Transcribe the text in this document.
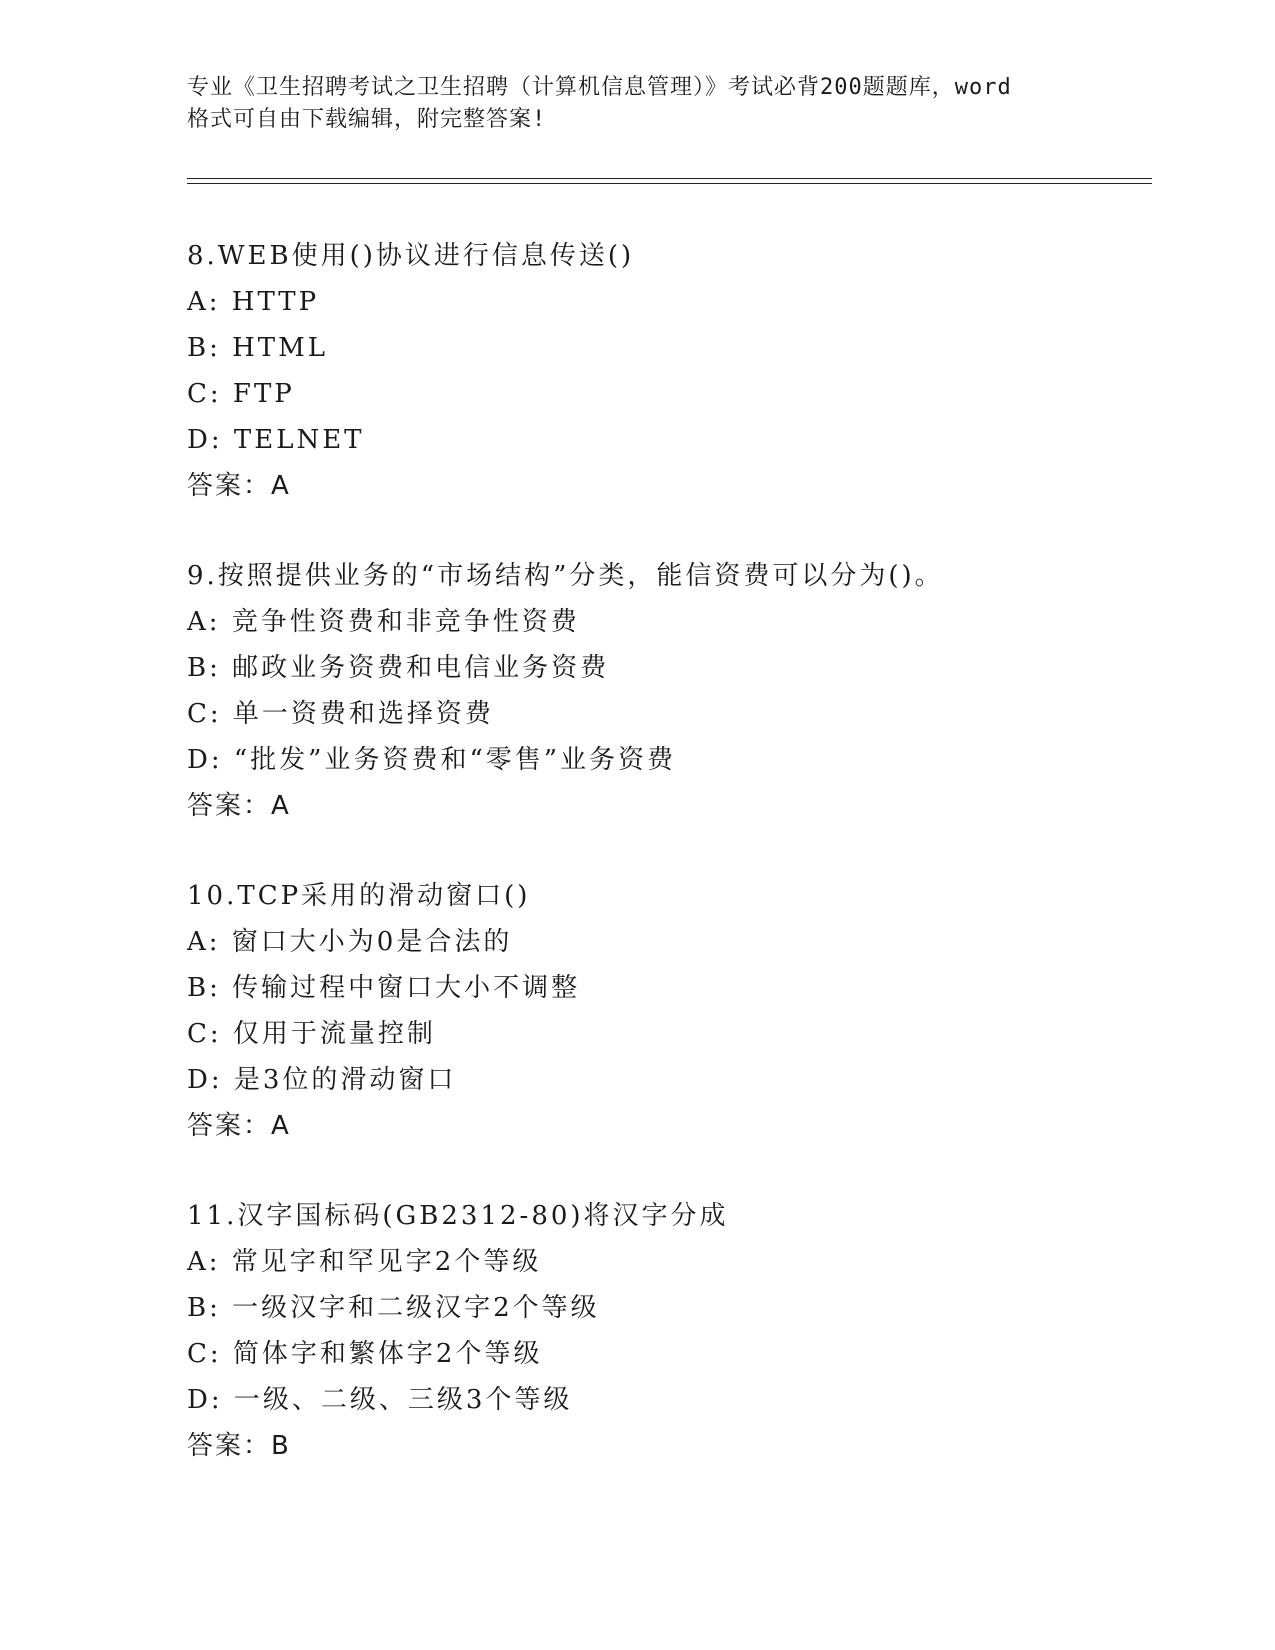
专业《卫生招聘考试之卫生招聘（计算机信息管理）》考试必背200题题库，word
格式可自由下载编辑，附完整答案!
8.WEB使用()协议进行信息传送()
A: HTTP
B: HTML
C: FTP
D: TELNET
答案：A
9.按照提供业务的“市场结构”分类，能信资费可以分为()。
A: 竞争性资费和非竞争性资费
B: 邮政业务资费和电信业务资费
C: 单一资费和选择资费
D: “批发”业务资费和“零售”业务资费
答案：A
10.TCP采用的滑动窗口()
A: 窗口大小为0是合法的
B: 传输过程中窗口大小不调整
C: 仅用于流量控制
D: 是3位的滑动窗口
答案：A
11.汉字国标码(GB2312-80)将汉字分成
A: 常见字和罕见字2个等级
B: 一级汉字和二级汉字2个等级
C: 简体字和繁体字2个等级
D: 一级、二级、三级3个等级
答案：B
